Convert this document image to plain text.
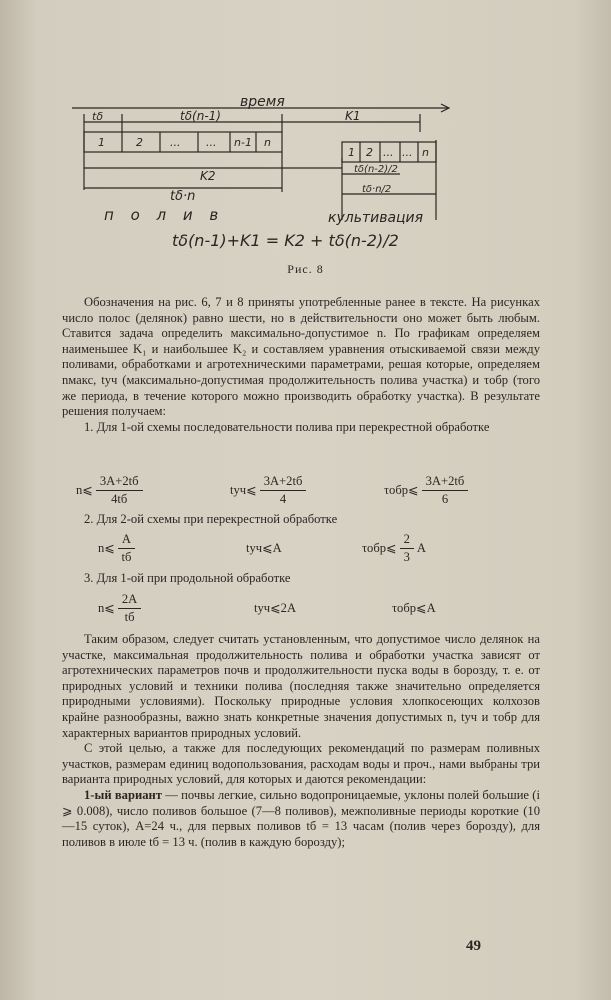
время
tδ	tδ(n-1)	K1
1	2 ... ... n-1 n
1 2 ... ... n
K2	tδ(n-2)/2
tδ·n	tδ·n/2
п о л и в	культивация
tδ(n-1)+K1 = K2 + tδ(n-2)/2
Рис. 8

Обозначения на рис. 6, 7 и 8 приняты употребленные ранее в тексте. На рисунках число полос (делянок) равно шести, но в действительности оно может быть любым. Ставится задача определить максимально-допустимое n. По графикам определяем наименьшее K₁ и наибольшее K₂ и составляем уравнения отыскиваемой связи между поливами, обработками и агротехническими параметрами, решая которые, определяем nмакс, tуч (максимально-допустимая продолжительность полива участка) и τобр (того же периода, в течение которого можно производить обработку участка). В результате решения получаем:

1. Для 1-ой схемы последовательности полива при перекрестной обработке

n⩽ $\frac{3A+2tб}{4tб}$	tуч⩽ $\frac{3A+2tб}{4}$	τобр⩽ $\frac{3A+2tб}{6}$

2. Для 2-ой схемы при перекрестной обработке

n⩽ $\frac{A}{tб}$	tуч⩽A	τобр⩽ $\frac{2}{3}$ A

3. Для 1-ой при продольной обработке

n⩽ $\frac{2A}{tб}$	tуч⩽2A	τобр⩽A

Таким образом, следует считать установленным, что допустимое число делянок на участке, максимальная продолжительность полива и обработки участка зависят от агротехнических параметров почв и продолжительности пуска воды в борозду, т. е. от природных условий и техники полива (последняя также значительно определяется природными условиями). Поскольку природные условия хлопкосеющих колхозов крайне разнообразны, важно знать конкретные значения допустимых n, tуч и τобр для характерных вариантов природных условий.

С этой целью, а также для последующих рекомендаций по размерам поливных участков, размерам единиц водопользования, расходам воды и проч., нами выбраны три варианта природных условий, для которых и даются рекомендации:

1-ый вариант — почвы легкие, сильно водопроницаемые, уклоны полей большие (i ⩾ 0.008), число поливов большое (7—8 поливов), межполивные периоды короткие (10—15 суток), A=24 ч., для первых поливов tб = 13 часам (полив через борозду), для поливов в июле tб = 13 ч. (полив в каждую борозду);

49
